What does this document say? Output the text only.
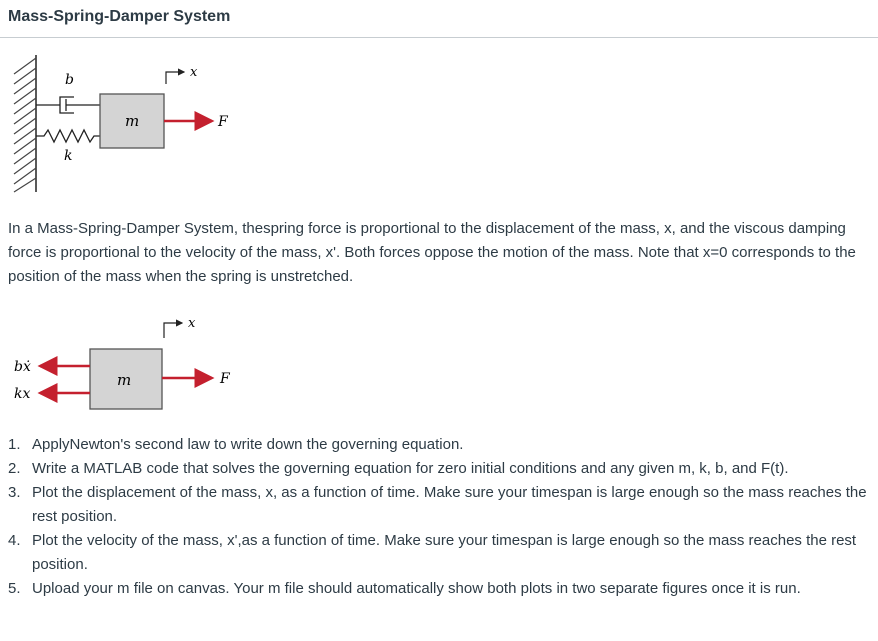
Mass-Spring-Damper System
b
k
m	F
x
In a Mass-Spring-Damper System, thespring force is proportional to the displacement of the mass, x, and the viscous damping force is proportional to the velocity of the mass, x'. Both forces oppose the motion of the mass. Note that x=0 corresponds to the position of the mass when the spring is unstretched.
bẋ
kx
m	F
x
1. ApplyNewton's second law to write down the governing equation.
2. Write a MATLAB code that solves the governing equation for zero initial conditions and any given m, k, b, and F(t).
3. Plot the displacement of the mass, x, as a function of time. Make sure your timespan is large enough so the mass reaches the rest position.
4. Plot the velocity of the mass, x',as a function of time. Make sure your timespan is large enough so the mass reaches the rest position.
5. Upload your m file on canvas. Your m file should automatically show both plots in two separate figures once it is run.
